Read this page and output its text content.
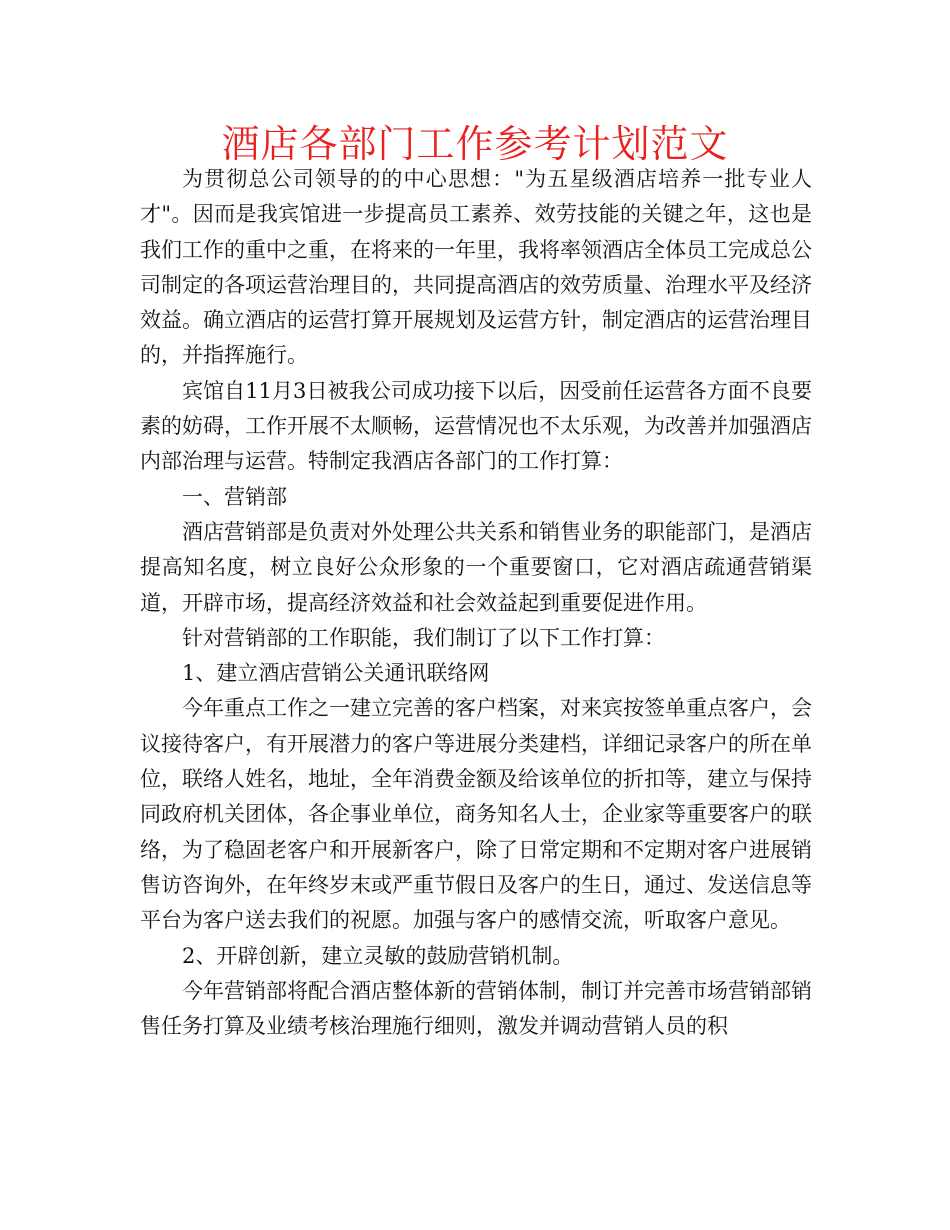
酒店各部门工作参考计划范文

为贯彻总公司领导的的中心思想："为五星级酒店培养一批专业人才"。因而是我宾馆进一步提高员工素养、效劳技能的关键之年，这也是我们工作的重中之重，在将来的一年里，我将率领酒店全体员工完成总公司制定的各项运营治理目的，共同提高酒店的效劳质量、治理水平及经济效益。确立酒店的运营打算开展规划及运营方针，制定酒店的运营治理目的，并指挥施行。

宾馆自11月3日被我公司成功接下以后，因受前任运营各方面不良要素的妨碍，工作开展不太顺畅，运营情况也不太乐观，为改善并加强酒店内部治理与运营。特制定我酒店各部门的工作打算：

一、营销部

酒店营销部是负责对外处理公共关系和销售业务的职能部门，是酒店提高知名度，树立良好公众形象的一个重要窗口，它对酒店疏通营销渠道，开辟市场，提高经济效益和社会效益起到重要促进作用。

针对营销部的工作职能，我们制订了以下工作打算：

1、建立酒店营销公关通讯联络网

今年重点工作之一建立完善的客户档案，对来宾按签单重点客户，会议接待客户，有开展潜力的客户等进展分类建档，详细记录客户的所在单位，联络人姓名，地址，全年消费金额及给该单位的折扣等，建立与保持同政府机关团体，各企事业单位，商务知名人士，企业家等重要客户的联络，为了稳固老客户和开展新客户，除了日常定期和不定期对客户进展销售访咨询外，在年终岁末或严重节假日及客户的生日，通过、发送信息等平台为客户送去我们的祝愿。加强与客户的感情交流，听取客户意见。

2、开辟创新，建立灵敏的鼓励营销机制。

今年营销部将配合酒店整体新的营销体制，制订并完善市场营销部销售任务打算及业绩考核治理施行细则，激发并调动营销人员的积
